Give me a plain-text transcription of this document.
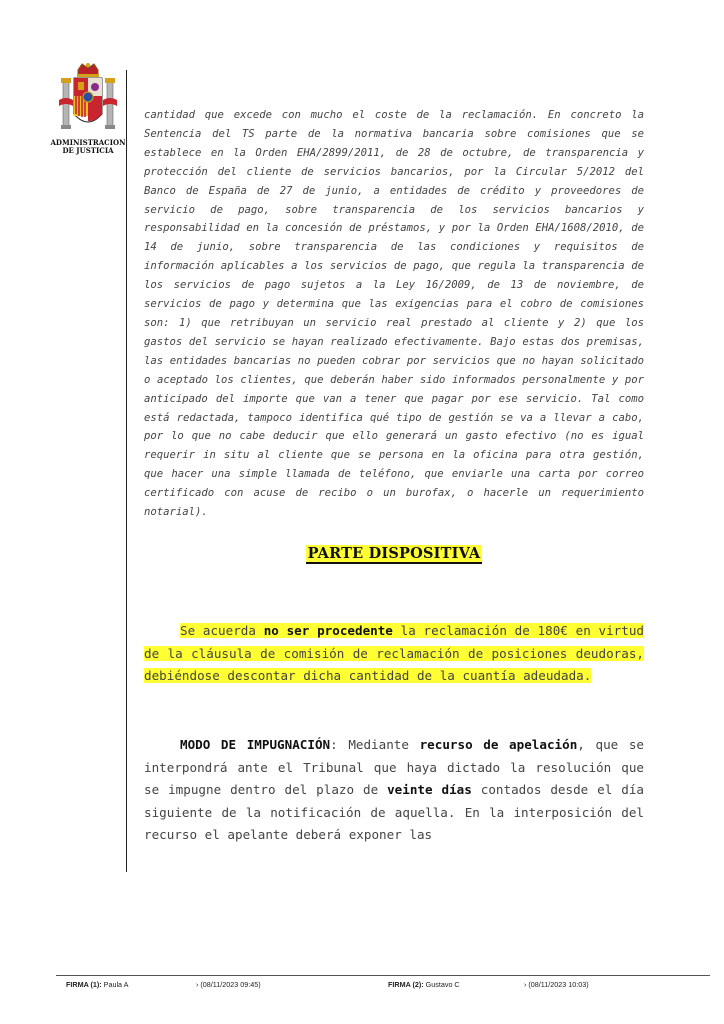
ADMINISTRACION
DE JUSTICIA

cantidad que excede con mucho el coste de la reclamación. En concreto la Sentencia del TS parte de la normativa bancaria sobre comisiones que se establece en la Orden EHA/2899/2011, de 28 de octubre, de transparencia y protección del cliente de servicios bancarios, por la Circular 5/2012 del Banco de España de 27 de junio, a entidades de crédito y proveedores de servicio de pago, sobre transparencia de los servicios bancarios y responsabilidad en la concesión de préstamos, y por la Orden EHA/1608/2010, de 14 de junio, sobre transparencia de las condiciones y requisitos de información aplicables a los servicios de pago, que regula la transparencia de los servicios de pago sujetos a la Ley 16/2009, de 13 de noviembre, de servicios de pago y determina que las exigencias para el cobro de comisiones son: 1) que retribuyan un servicio real prestado al cliente y 2) que los gastos del servicio se hayan realizado efectivamente. Bajo estas dos premisas, las entidades bancarias no pueden cobrar por servicios que no hayan solicitado o aceptado los clientes, que deberán haber sido informados personalmente y por anticipado del importe que van a tener que pagar por ese servicio. Tal como está redactada, tampoco identifica qué tipo de gestión se va a llevar a cabo, por lo que no cabe deducir que ello generará un gasto efectivo (no es igual requerir in situ al cliente que se persona en la oficina para otra gestión, que hacer una simple llamada de teléfono, que enviarle una carta por correo certificado con acuse de recibo o un burofax, o hacerle un requerimiento notarial).

PARTE DISPOSITIVA

Se acuerda no ser procedente la reclamación de 180€ en virtud de la cláusula de comisión de reclamación de posiciones deudoras, debiéndose descontar dicha cantidad de la cuantía adeudada.

MODO DE IMPUGNACIÓN: Mediante recurso de apelación, que se interpondrá ante el Tribunal que haya dictado la resolución que se impugne dentro del plazo de veinte días contados desde el día siguiente de la notificación de aquella. En la interposición del recurso el apelante deberá exponer las

FIRMA (1): Paula A	› (08/11/2023 09:45)	FIRMA (2): Gustavo C	› (08/11/2023 10:03)
